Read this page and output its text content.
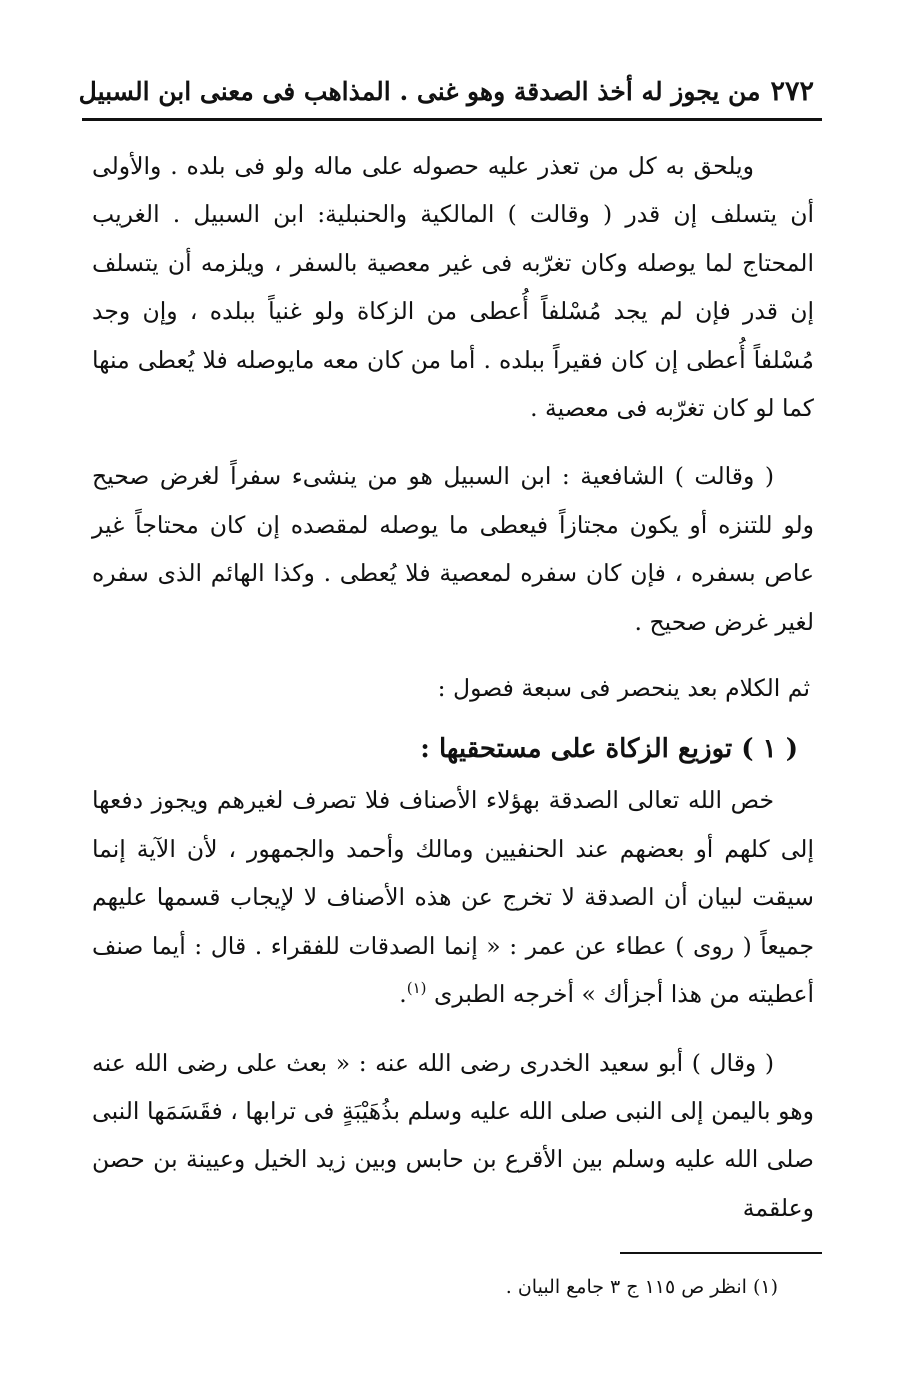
٢٧٢
من يجوز له أخذ الصدقة وهو غنى . المذاهب فى معنى ابن السبيل

ويلحق به كل من تعذر عليه حصوله على ماله ولو فى بلده . والأولى أن يتسلف إن قدر ( وقالت ) المالكية والحنبلية: ابن السبيل . الغريب المحتاج لما يوصله وكان تغرّبه فى غير معصية بالسفر ، ويلزمه أن يتسلف إن قدر فإن لم يجد مُسْلفاً أُعطى من الزكاة ولو غنياً ببلده ، وإن وجد مُسْلفاً أُعطى إن كان فقيراً ببلده . أما من كان معه مايوصله فلا يُعطى منها كما لو كان تغرّبه فى معصية .

( وقالت ) الشافعية : ابن السبيل هو من ينشىء سفراً لغرض صحيح ولو للتنزه أو يكون مجتازاً فيعطى ما يوصله لمقصده إن كان محتاجاً غير عاص بسفره ، فإن كان سفره لمعصية فلا يُعطى . وكذا الهائم الذى سفره لغير غرض صحيح .

ثم الكلام بعد ينحصر فى سبعة فصول :

( ١ ) توزيع الزكاة على مستحقيها :

خص الله تعالى الصدقة بهؤلاء الأصناف فلا تصرف لغيرهم ويجوز دفعها إلى كلهم أو بعضهم عند الحنفيين ومالك وأحمد والجمهور ، لأن الآية إنما سيقت لبيان أن الصدقة لا تخرج عن هذه الأصناف لا لإيجاب قسمها عليهم جميعاً ( روى ) عطاء عن عمر : « إنما الصدقات للفقراء . قال : أيما صنف أعطيته من هذا أجزأك » أخرجه الطبرى $^{(١)}$.

( وقال ) أبو سعيد الخدرى رضى الله عنه : « بعث على رضى الله عنه وهو باليمن إلى النبى صلى الله عليه وسلم بذُهَيْبَةٍ فى ترابها ، فقَسَمَها النبى صلى الله عليه وسلم بين الأقرع بن حابس وبين زيد الخيل وعيينة بن حصن وعلقمة

(١) انظر ص ١١٥ ج ٣ جامع البيان .
